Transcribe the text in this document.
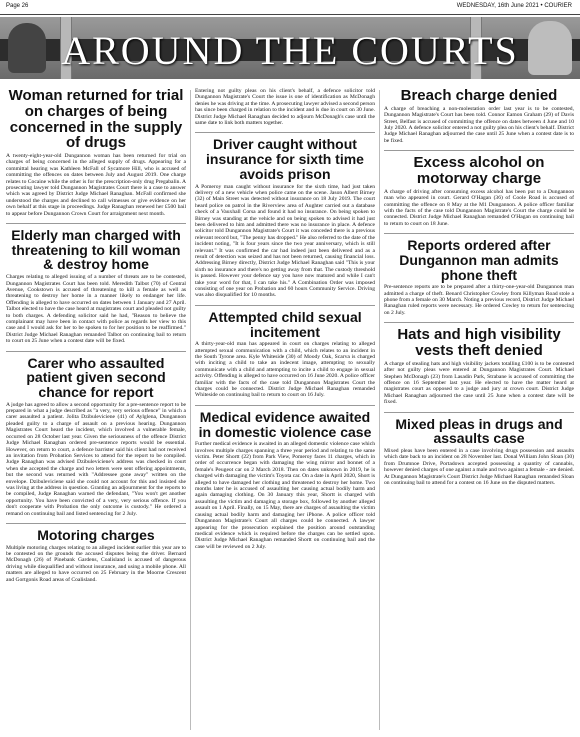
Page 26	WEDNESDAY, 16th June 2021 • COURIER
AROUND THE COURTS
Woman returned for trial on charges of being concerned in the supply of drugs

A twenty-eight-year-old Dungannon woman has been returned for trial on charges of being concerned in the alleged supply of drugs. Appearing for a committal hearing was Kathleen McFall of Sycamore Hill, who is accused of committing the offences on dates between July and August 2019. One charge relates to Cocaine while the other is for the prescription-only drug Pregabalin. A prosecuting lawyer told Dungannon Magistrates Court there is a case to answer which was agreed by District Judge Michael Ranaghan. McFall confirmed she understood the charges and declined to call witnesses or give evidence on her own behalf at this stage in proceedings. Judge Ranaghan renewed her £500 bail to appear before Dungannon Crown Court for arraignment next month.

Elderly man charged with threatening to kill woman & destroy home

Charges relating to alleged issuing of a number of threats are to be contested, Dungannon Magistrates Court has been told. Meredith Talbot (70) of Central Avenue, Cookstown is accused of threatening to kill a female as well as threatening to destroy her home in a manner likely to endanger her life. Offending is alleged to have occurred on dates between 1 January and 27 April. Talbot elected to have the case heard at magistrates court and pleaded not guilty to both charges. A defending solicitor said he had, "Reason to believe the complainant may have been in contact with police as regards her view to this case and I would ask for her to be spoken to for her position to be reaffirmed." District Judge Michael Ranaghan remanded Talbot on continuing bail to return to court on 25 June when a contest date will be fixed.

Carer who assaulted patient given second chance for report

A judge has agreed to allow a second opportunity for a pre-sentence report to be prepared in what a judge described as "a very, very serious offence" in which a carer assaulted a patient. Jolita Dzibuleviciene (41) of Aylglena, Dungannon pleaded guilty to a charge of assault on a previous hearing. Dungannon Magistrates Court heard the incident, which involved a vulnerable female, occurred on 28 October last year. Given the seriousness of the offence District Judge Michael Ranaghan ordered pre-sentence reports would be essential. However, on return to court, a defence barrister said his client had not received an invitation from Probation Services to attend for the report to be compiled. Judge Ranaghan was advised Dzibuleviciene's address was checked in court when she accepted the charge and two letters were sent offering appointments, but the second was returned with "Addressee gone away" written on the envelope. Dzibuleviciene said she could not account for this and insisted she was living at the address in question. Granting an adjournment for the reports to be compiled, Judge Ranaghan warned the defendant, "You won't get another opportunity. You have been convicted of a very, very serious offence. If you don't cooperate with Probation the only outcome is custody." He ordered a remand on continuing bail and listed sentencing for 2 July.

Motoring charges

Multiple motoring charges relating to an alleged incident earlier this year are to be contested on the grounds the accused disputes being the driver. Bernard McDonagh (26) of Pinebank Gardens, Coalisland is accused of dangerous driving while disqualified and without insurance, and using a mobile phone. All matters are alleged to have occurred on 25 February in the Moorne Crescent and Gortgonis Road areas of Coalisland.

Entering not guilty pleas on his client's behalf, a defence solicitor told Dungannon Magistrate's Court the issue is one of identification as McDonagh denies he was driving at the time. A prosecuting lawyer advised a second person has since been charged in relation to the incident and is due in court on 30 June. District Judge Michael Ranaghan decided to adjourn McDonagh's case until the same date to link both matters together.

Driver caught without insurance for sixth time avoids prison

A Pomeroy man caught without insurance for the sixth time, had just taken delivery of a new vehicle when police came on the scene. Jason Albert Birney (32) of Main Street was detected without insurance on 18 July 2019. The court heard police on patrol in the Riverview area of Aughter carried out a database check of a Vauxhall Corsa and found it had no insurance. On being spoken to Birney was standing at the vehicle and on being spoken to advised it had just been delivered to him and admitted there was no insurance in place. A defence solicitor told Dungannon Magistrate's Court it was conceded there is a previous relevant record but, "The penny has dropped." He also referred to the date of the incident noting, "It is four years since the two year anniversary, which is still relevant." It was confirmed the car had indeed just been delivered and as a result of detection was seized and has not been returned, causing financial loss. Addressing Birney directly, District Judge Michael Ranaghan said "This is your sixth no insurance and there's no getting away from that. The custody threshold is passed. However your defence say you have now matured and while I can't take your word for that, I can take his." A Combination Order was imposed consisting of one year on Probation and 60 hours Community Service. Driving was also disqualified for 10 months.

Attempted child sexual incitement

A thirty-year-old man has appeared in court on charges relating to alleged attempted sexual communication with a child, which relates to an incident in the South Tyrone area. Kyle Whiteside (30) of Moody Oak, Scarva is charged with inciting a child to take an indecent image, attempting to sexually communicate with a child and attempting to incite a child to engage in sexual activity. Offending is alleged to have occurred on 16 June 2020. A police officer familiar with the facts of the case told Dungannon Magistrates Court the charges could be connected. District Judge Michael Ranaghan remanded Whiteside on continuing bail to return to court on 16 July.

Medical evidence awaited in domestic violence case

Further medical evidence is awaited in an alleged domestic violence case which involves multiple charges spanning a three year period and relating to the same victim. Peter Shortt (22) from Park View, Pomeroy faces 11 charges, which in order of occurrence began with damaging the wing mirror and bonnet of a female's Peugeot car on 2 March 2018. Then on dates unknown in 2019, he is charged with damaging the victim's Toyota car. On a date in April 2020, Short is alleged to have damaged her clothing and threatened to destroy her home. Two months later he is accused of assaulting her causing actual bodily harm and again damaging clothing. On 30 January this year, Shortt is charged with assaulting the victim and damaging a storage box, followed by another alleged assault on 1 April. Finally, on 15 May, there are charges of assaulting the victim causing actual bodily harm and damaging her iPhone. A police officer told Dungannon Magistrate's Court all charges could be connected. A lawyer appearing for the prosecution explained the position around outstanding medical evidence which is required before the charges can be settled upon. District Judge Michael Ranaghan remanded Shortt on continuing bail and the case will be reviewed on 2 July.

Breach charge denied

A charge of breaching a non-molestation order last year is to be contested, Dungannon Magistrate's Court has been told. Connor Eamon Graham (29) of Davis Street, Belfast is accused of committing the offence on dates between 4 June and 10 July 2020. A defence solicitor entered a not guilty plea on his client's behalf. District Judge Michael Ranaghan adjourned the case until 25 June when a contest date is to be fixed.

Excess alcohol on motorway charge

A charge of driving after consuming excess alcohol has been put to a Dungannon man who appeared in court. Gerard O'Hagan (36) of Coole Road is accused of committing the offence on 8 May at the M1 Dungannon. A police officer familiar with the facts of the case told Dungannon Magistrate's Court the charge could be connected. District Judge Michael Ranaghan remanded O'Hagan on continuing bail to return to court on 18 June.

Reports ordered after Dungannon man admits phone theft

Pre-sentence reports are to be prepared after a thirty-one-year-old Dungannon man admitted a charge of theft. Benard Christopher Cowley from Killyman Road stole a phone from a female on 30 March. Noting a previous record, District Judge Michael Ranaghan ruled reports were necessary. He ordered Cowley to return for sentencing on 2 July.

Hats and high visibility vests theft denied

A charge of stealing hats and high visibility jackets totalling £100 is to be contested after not guilty pleas were entered at Dungannon Magistrates Court. Michael Stephen McDonagh (23) from Lasadin Park, Strabane is accused of committing the offence on 16 September last year. He elected to have the matter heard at magistrates court as opposed to a judge and jury at crown court. District Judge Michael Ranaghan adjourned the case until 25 June when a contest date will be fixed.

Mixed pleas in drugs and assaults case

Mixed pleas have been entered in a case involving drugs possession and assaults which date back to an incident on 28 November last. Donal William John Sloan (30) from Drumnoe Drive, Portadown accepted possessing a quantity of cannabis, however denied charges of one against a male and two against a female - are denied. At Dungannon Magistrate's Court District Judge Michael Ranaghan remanded Sloan on continuing bail to attend for a contest on 16 June on the disputed matters.
